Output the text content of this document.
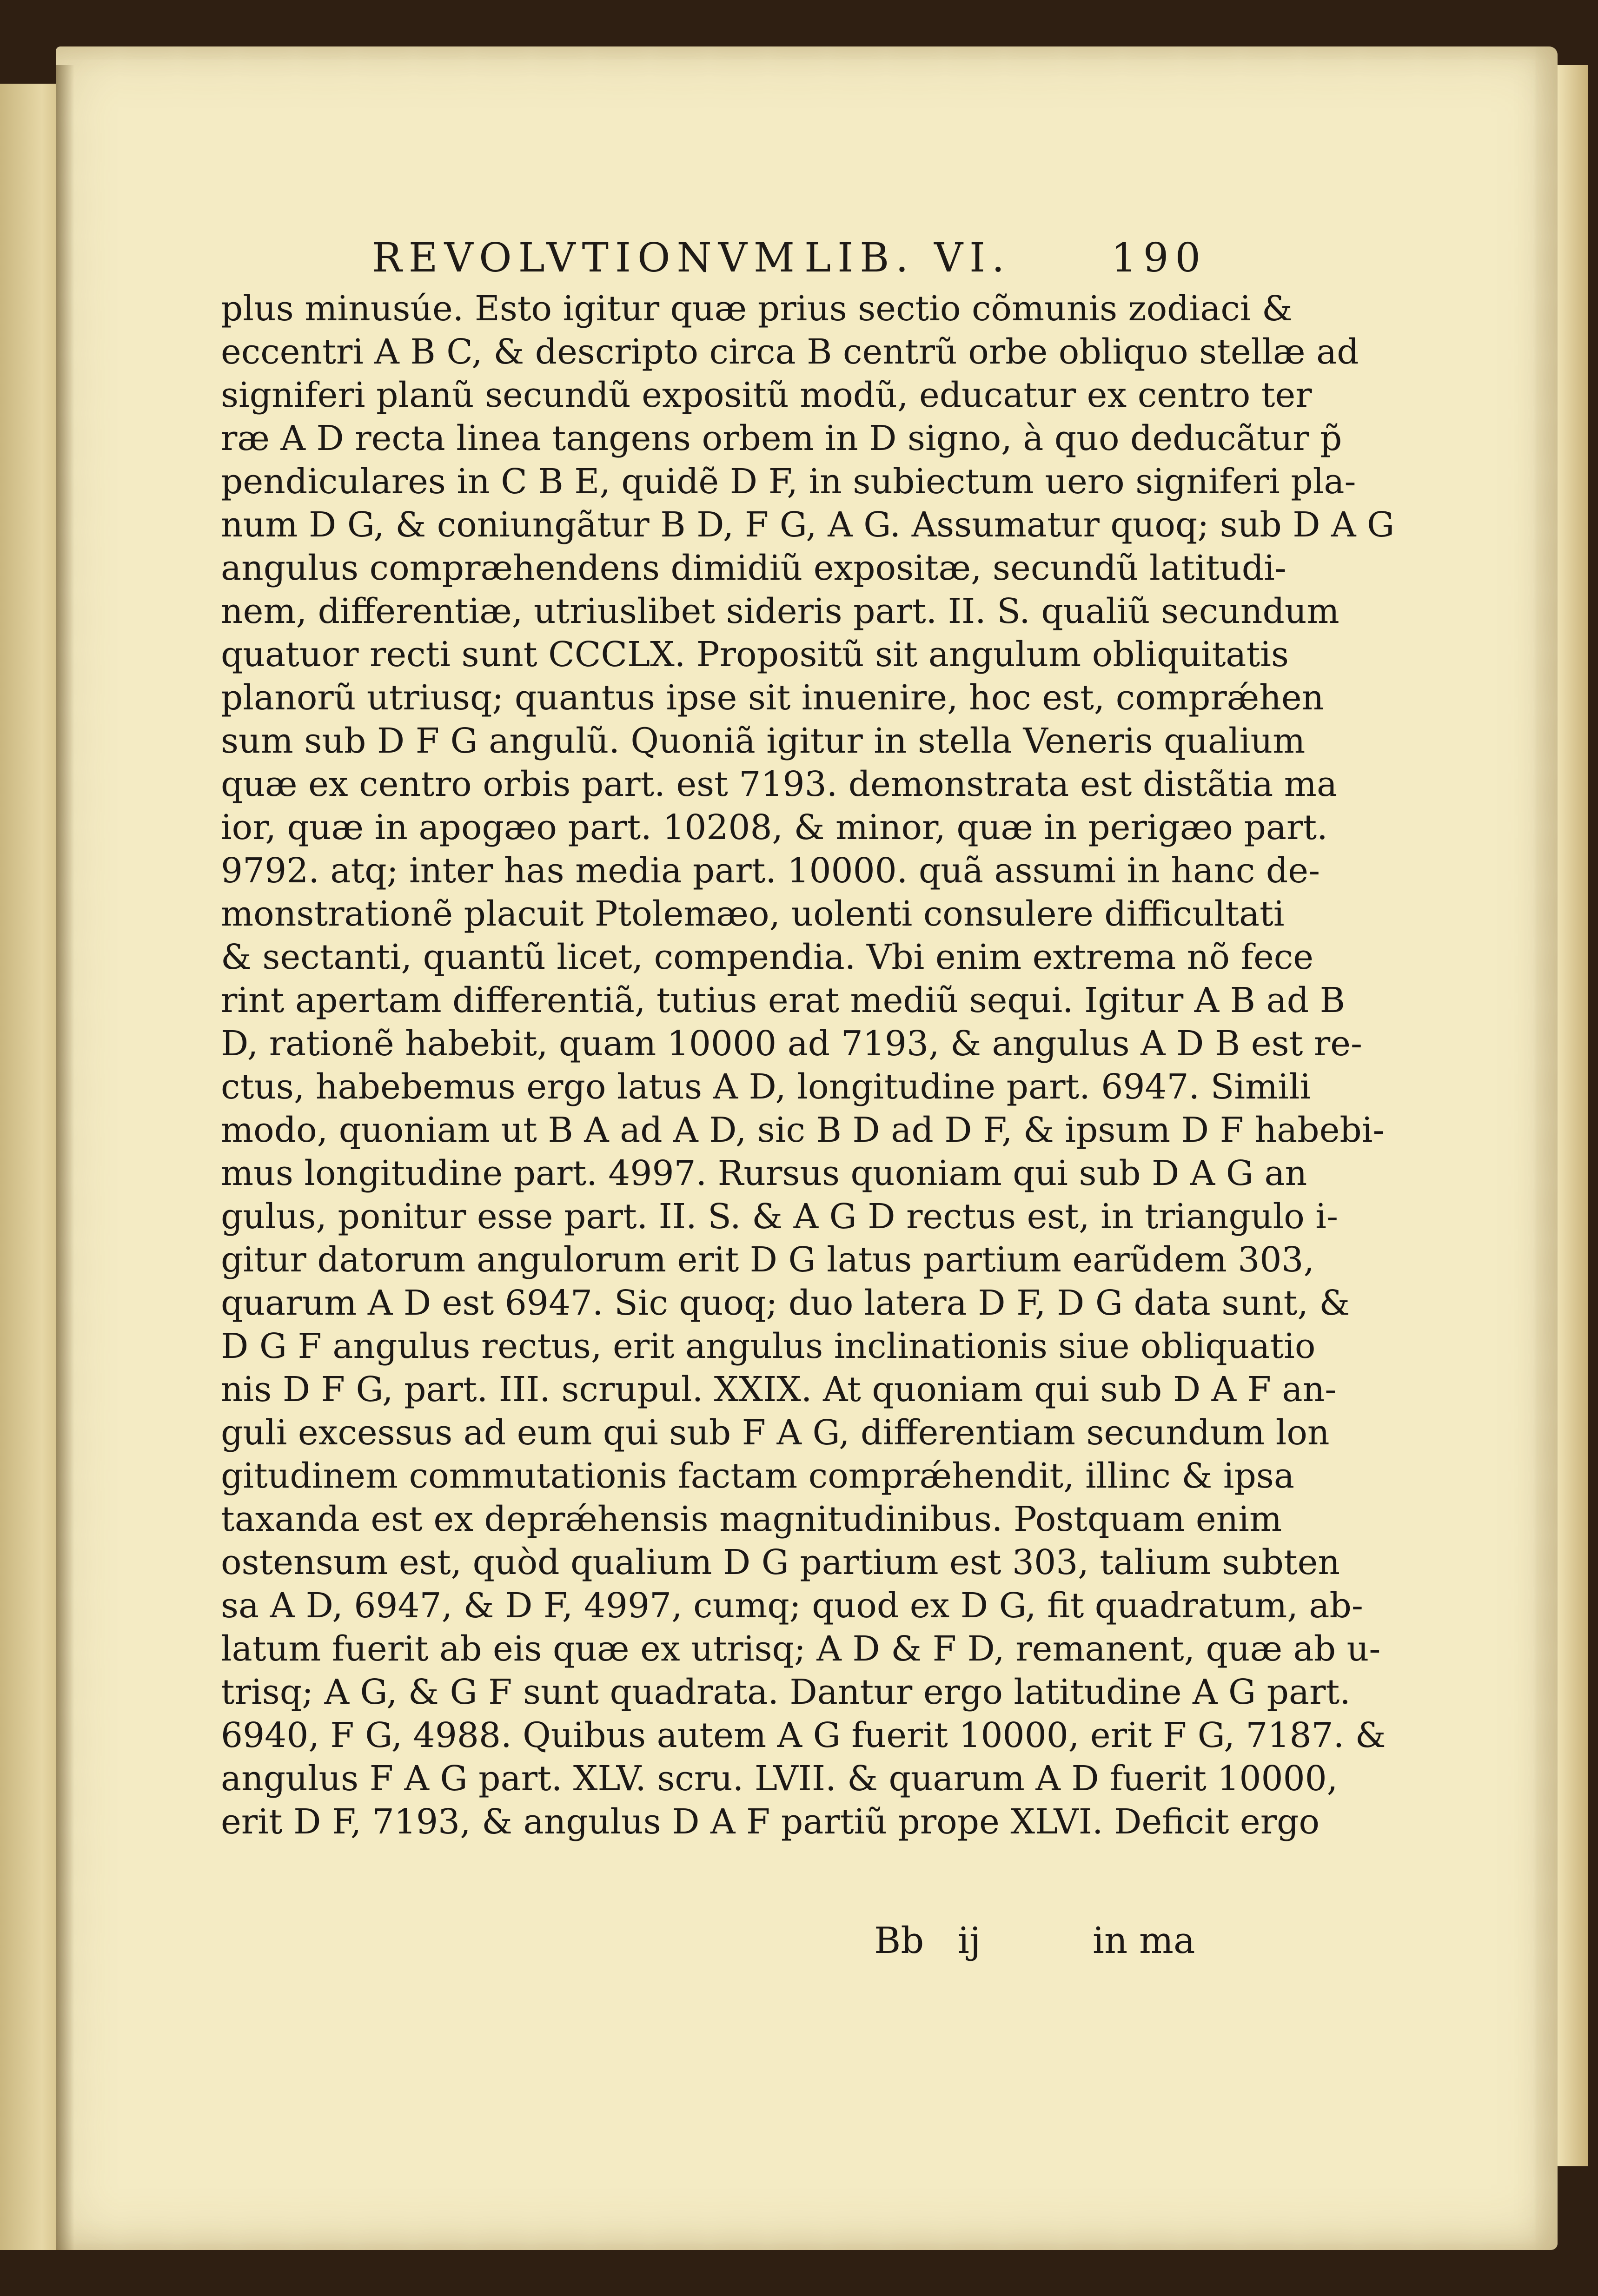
REVOLVTIONVM LIB. VI.	190
plus minusúe. Esto igitur quæ prius sectio cõmunis zodiaci &
eccentri A B C, & descripto circa B centrũ orbe obliquo stellæ ad
signiferi planũ secundũ expositũ modũ, educatur ex centro ter
ræ A D recta linea tangens orbem in D signo, à quo deducãtur p̃
pendiculares in C B E, quidẽ D F, in subiectum uero signiferi pla-
num D G, & coniungãtur B D, F G, A G. Assumatur quoq; sub D A G
angulus compræhendens dimidiũ expositæ, secundũ latitudi-
nem, differentiæ, utriuslibet sideris part. II. S. qualiũ secundum
quatuor recti sunt CCCLX. Propositũ sit angulum obliquitatis
planorũ utriusq; quantus ipse sit inuenire, hoc est, comprǽhen
sum sub D F G angulũ. Quoniã igitur in stella Veneris qualium
quæ ex centro orbis part. est 7193. demonstrata est distãtia ma
ior, quæ in apogæo part. 10208, & minor, quæ in perigæo part.
9792. atq; inter has media part. 10000. quã assumi in hanc de-
monstrationẽ placuit Ptolemæo, uolenti consulere difficultati
& sectanti, quantũ licet, compendia. Vbi enim extrema nõ fece
rint apertam differentiã, tutius erat mediũ sequi. Igitur A B ad B
D, rationẽ habebit, quam 10000 ad 7193, & angulus A D B est re-
ctus, habebemus ergo latus A D, longitudine part. 6947. Simili
modo, quoniam ut B A ad A D, sic B D ad D F, & ipsum D F habebi-
mus longitudine part. 4997. Rursus quoniam qui sub D A G an
gulus, ponitur esse part. II. S. & A G D rectus est, in triangulo i-
gitur datorum angulorum erit D G latus partium earũdem 303,
quarum A D est 6947. Sic quoq; duo latera D F, D G data sunt, &
D G F angulus rectus, erit angulus inclinationis siue obliquatio
nis D F G, part. III. scrupul. XXIX. At quoniam qui sub D A F an-
guli excessus ad eum qui sub F A G, differentiam secundum lon
gitudinem commutationis factam comprǽhendit, illinc & ipsa
taxanda est ex deprǽhensis magnitudinibus. Postquam enim
ostensum est, quòd qualium D G partium est 303, talium subten
sa A D, 6947, & D F, 4997, cumq; quod ex D G, fit quadratum, ab-
latum fuerit ab eis quæ ex utrisq; A D & F D, remanent, quæ ab u-
trisq; A G, & G F sunt quadrata. Dantur ergo latitudine A G part.
6940, F G, 4988. Quibus autem A G fuerit 10000, erit F G, 7187. &
angulus F A G part. XLV. scru. LVII. & quarum A D fuerit 10000,
erit D F, 7193, & angulus D A F partiũ prope XLVI. Deficit ergo
Bb ij	in ma
